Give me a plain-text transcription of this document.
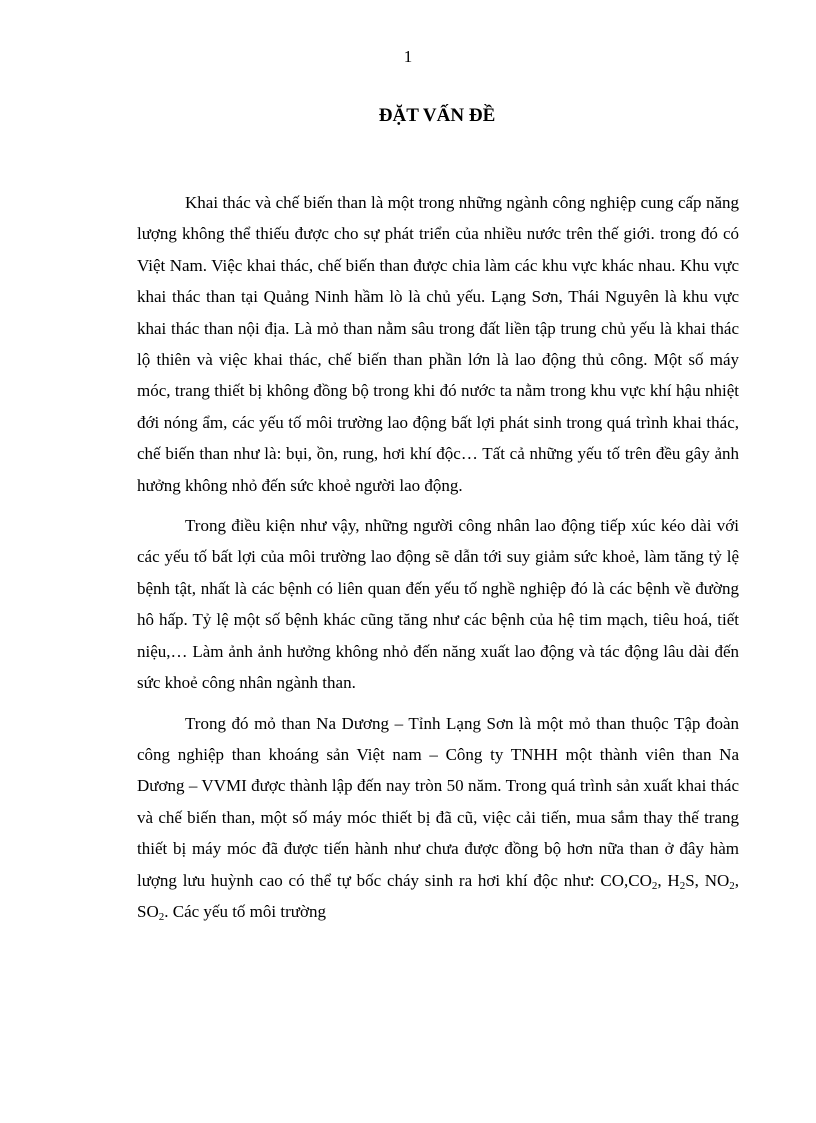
1
ĐẶT VẤN ĐỀ

Khai thác và chế biến than là một trong những ngành công nghiệp cung cấp năng lượng không thể thiếu được cho sự phát triển của nhiều nước trên thế giới. trong đó có Việt Nam. Việc khai thác, chế biến than được chia làm các khu vực khác nhau. Khu vực khai thác than tại Quảng Ninh hầm lò là chủ yếu. Lạng Sơn, Thái Nguyên là khu vực khai thác than nội địa. Là mỏ than nằm sâu trong đất liền tập trung chủ yếu là khai thác lộ thiên và việc khai thác, chế biến than phần lớn là lao động thủ công. Một số máy móc, trang thiết bị không đồng bộ trong khi đó nước ta nằm trong khu vực khí hậu nhiệt đới nóng ẩm, các yếu tố môi trường lao động bất lợi phát sinh trong quá trình khai thác, chế biến than như là: bụi, ồn, rung, hơi khí độc… Tất cả những yếu tố trên đều gây ảnh hưởng không nhỏ đến sức khoẻ người lao động.

Trong điều kiện như vậy, những người công nhân lao động tiếp xúc kéo dài với các yếu tố bất lợi của môi trường lao động sẽ dẫn tới suy giảm sức khoẻ, làm tăng tỷ lệ bệnh tật, nhất là các bệnh có liên quan đến yếu tố nghề nghiệp đó là các bệnh về đường hô hấp. Tỷ lệ một số bệnh khác cũng tăng như các bệnh của hệ tim mạch, tiêu hoá, tiết niệu,… Làm ảnh ảnh hưởng không nhỏ đến năng xuất lao động và tác động lâu dài đến sức khoẻ công nhân ngành than.

Trong đó mỏ than Na Dương – Tỉnh Lạng Sơn là một mỏ than thuộc Tập đoàn công nghiệp than khoáng sản Việt nam – Công ty TNHH một thành viên than Na Dương – VVMI được thành lập đến nay tròn 50 năm. Trong quá trình sản xuất khai thác và chế biến than, một số máy móc thiết bị đã cũ, việc cải tiến, mua sắm thay thế trang thiết bị máy móc đã được tiến hành như chưa được đồng bộ hơn nữa than ở đây hàm lượng lưu huỳnh cao có thể tự bốc cháy sinh ra hơi khí độc như: $CO,CO_2$, $H_2S$, $NO_2$, $SO_2$. Các yếu tố môi trường
